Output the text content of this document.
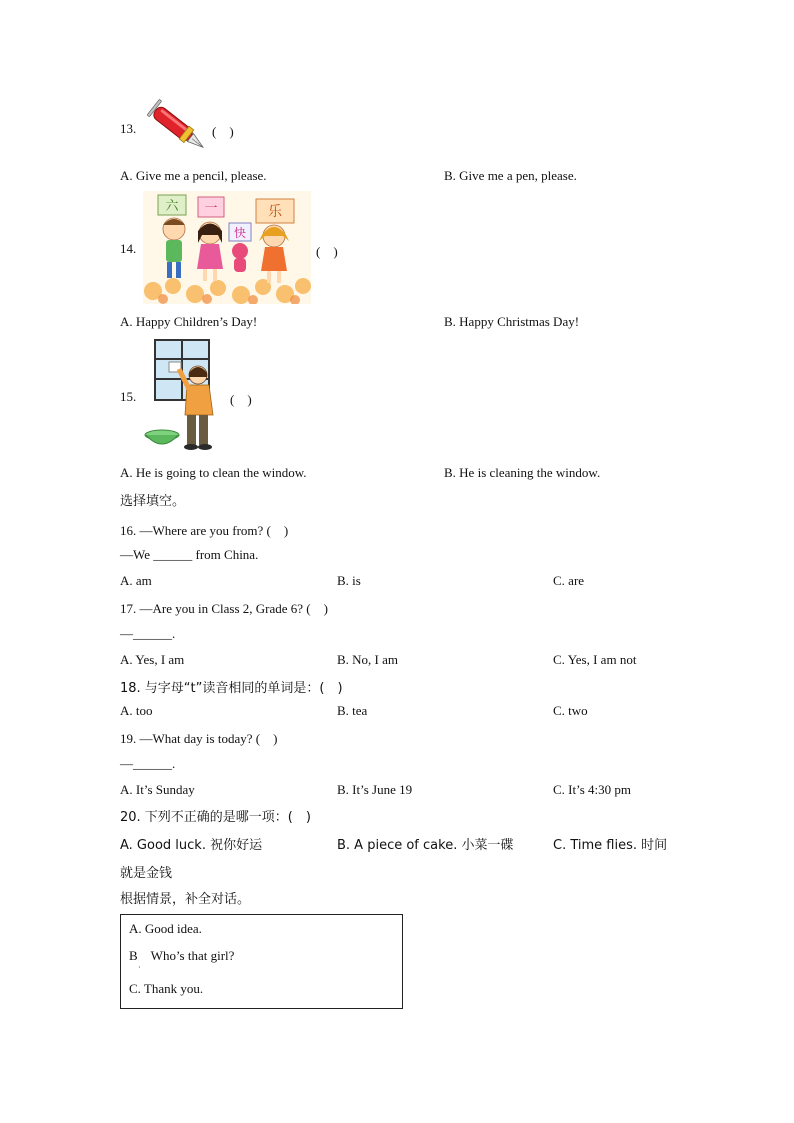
13.	(　)
A. Give me a pencil, please.	B. Give me a pen, please.
14.
六 一
快
乐
(　)
A. Happy Children’s Day!	B. Happy Christmas Day!
15.	(　)
A. He is going to clean the window.	B. He is cleaning the window.
选择填空。
16. —Where are you from? (　)
—We ______ from China.
A. am	B. is	C. are
17. —Are you in Class 2, Grade 6? (　)
—______.
A. Yes, I am	B. No, I am	C. Yes, I am not
18. 与字母“t”读音相同的单词是：(　)
A. too	B. tea	C. two
19. —What day is today? (　)
—______.
A. It’s Sunday	B. It’s June 19	C. It’s 4:30 pm
20. 下列不正确的是哪一项：(　)
A. Good luck. 祝你好运	B. A piece of cake. 小菜一碟	C. Time flies. 时间
就是金钱
根据情景，补全对话。
A. Good idea.
B　Who’s that girl?
·
C. Thank you.
